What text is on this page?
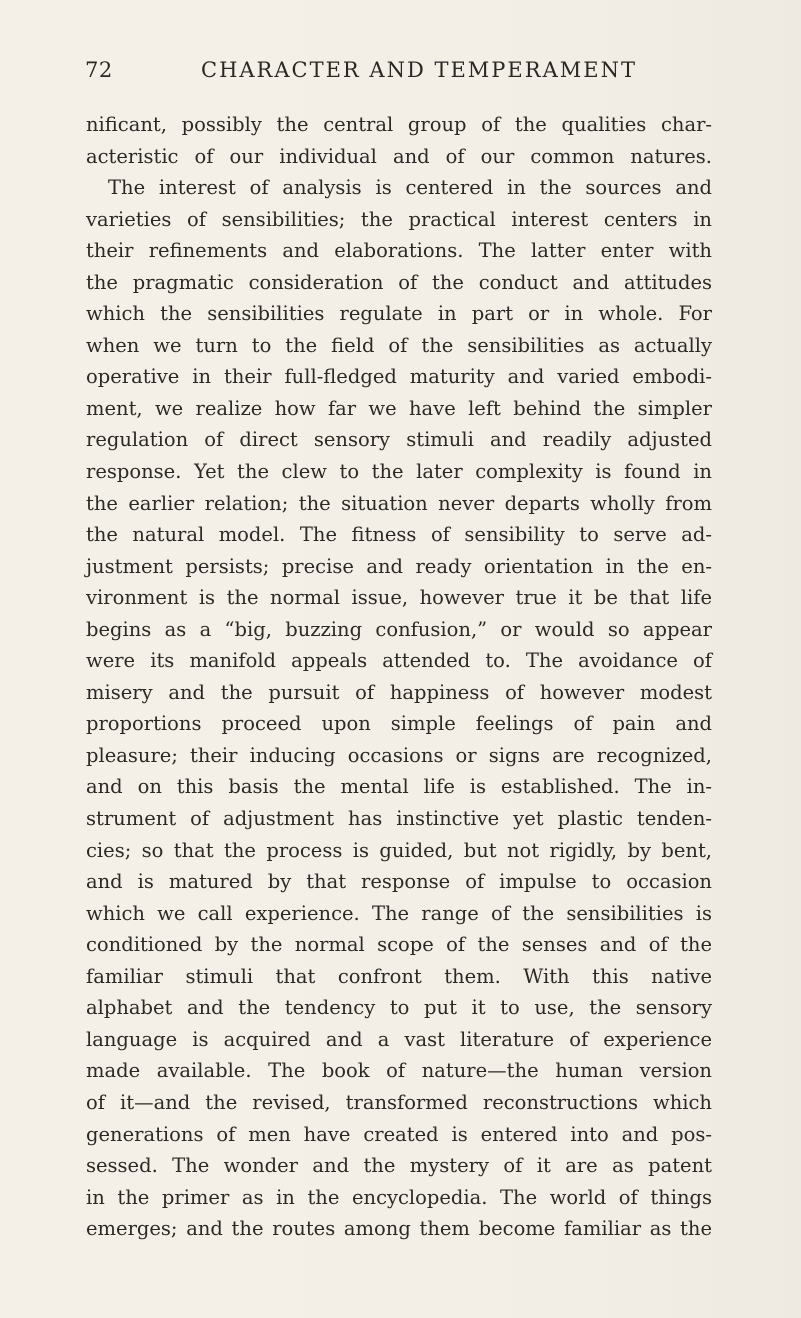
72	CHARACTER AND TEMPERAMENT
nificant, possibly the central group of the qualities char-
acteristic of our individual and of our common natures.
The interest of analysis is centered in the sources and
varieties of sensibilities; the practical interest centers in
their refinements and elaborations. The latter enter with
the pragmatic consideration of the conduct and attitudes
which the sensibilities regulate in part or in whole. For
when we turn to the field of the sensibilities as actually
operative in their full-fledged maturity and varied embodi-
ment, we realize how far we have left behind the simpler
regulation of direct sensory stimuli and readily adjusted
response. Yet the clew to the later complexity is found in
the earlier relation; the situation never departs wholly from
the natural model. The fitness of sensibility to serve ad-
justment persists; precise and ready orientation in the en-
vironment is the normal issue, however true it be that life
begins as a “big, buzzing confusion,” or would so appear
were its manifold appeals attended to. The avoidance of
misery and the pursuit of happiness of however modest
proportions proceed upon simple feelings of pain and
pleasure; their inducing occasions or signs are recognized,
and on this basis the mental life is established. The in-
strument of adjustment has instinctive yet plastic tenden-
cies; so that the process is guided, but not rigidly, by bent,
and is matured by that response of impulse to occasion
which we call experience. The range of the sensibilities is
conditioned by the normal scope of the senses and of the
familiar stimuli that confront them. With this native
alphabet and the tendency to put it to use, the sensory
language is acquired and a vast literature of experience
made available. The book of nature—the human version
of it—and the revised, transformed reconstructions which
generations of men have created is entered into and pos-
sessed. The wonder and the mystery of it are as patent
in the primer as in the encyclopedia. The world of things
emerges; and the routes among them become familiar as the
